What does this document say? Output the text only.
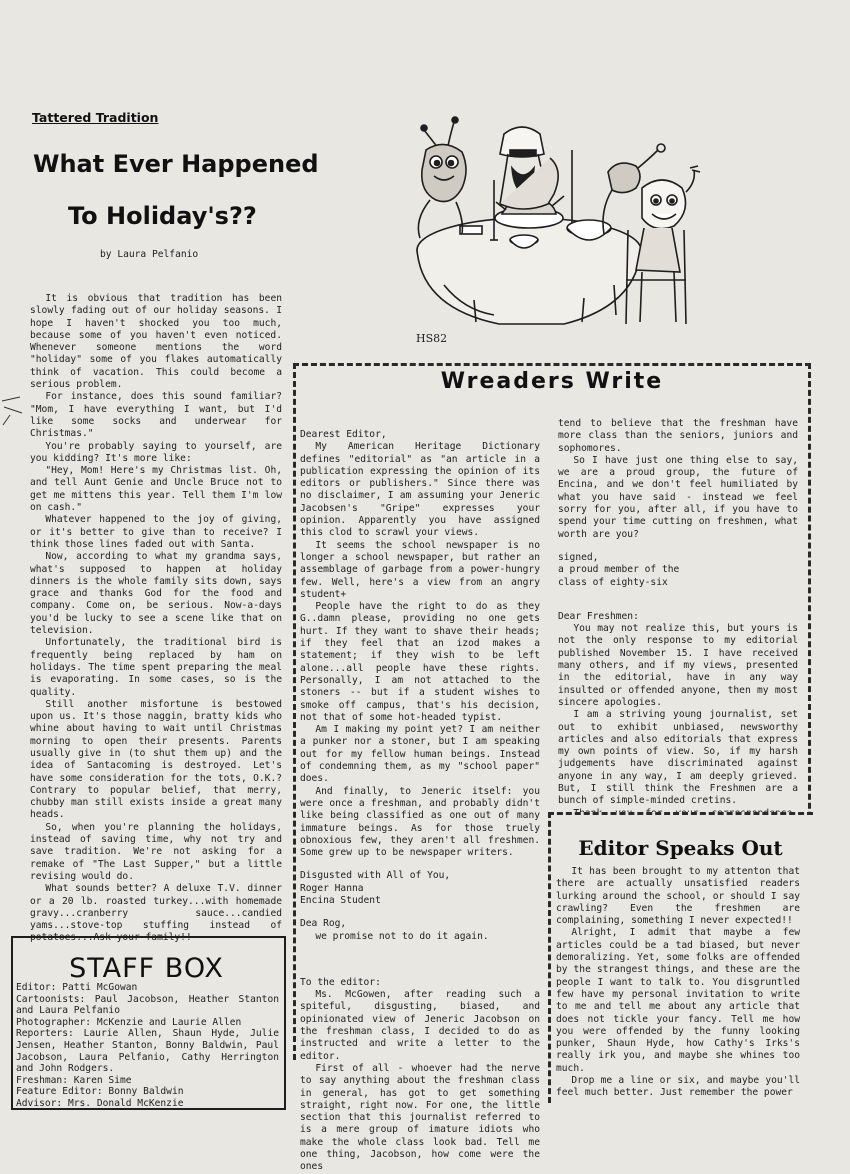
Tattered Tradition
What Ever Happened
To Holiday's??
by Laura Pelfanio

It is obvious that tradition has been slowly fading out of our holiday seasons. I hope I haven't shocked you too much, because some of you haven't even noticed. Whenever someone mentions the word "holiday" some of you flakes automatically think of vacation. This could become a serious problem.

For instance, does this sound familiar? "Mom, I have everything I want, but I'd like some socks and underwear for Christmas."

You're probably saying to yourself, are you kidding? It's more like:

"Hey, Mom! Here's my Christmas list. Oh, and tell Aunt Genie and Uncle Bruce not to get me mittens this year. Tell them I'm low on cash."

Whatever happened to the joy of giving, or it's better to give than to receive? I think those lines faded out with Santa.

Now, according to what my grandma says, what's supposed to happen at holiday dinners is the whole family sits down, says grace and thanks God for the food and company. Come on, be serious. Now-a-days you'd be lucky to see a scene like that on television.

Unfortunately, the traditional bird is frequently being replaced by ham on holidays. The time spent preparing the meal is evaporating. In some cases, so is the quality.

Still another misfortune is bestowed upon us. It's those naggin, bratty kids who whine about having to wait until Christmas morning to open their presents. Parents usually give in (to shut them up) and the idea of Santacoming is destroyed. Let's have some consideration for the tots, O.K.? Contrary to popular belief, that merry, chubby man still exists inside a great many heads.

So, when you're planning the holidays, instead of saving time, why not try and save tradition. We're not asking for a remake of "The Last Supper," but a little revising would do.

What sounds better? A deluxe T.V. dinner or a 20 lb. roasted turkey...with homemade gravy...cranberry sauce...candied yams...stove-top stuffing instead of potatoes...Ask your family!!

HS82
Wreaders Write

Dearest Editor,

My American Heritage Dictionary defines "editorial" as "an article in a publication expressing the opinion of its editors or publishers." Since there was no disclaimer, I am assuming your Jeneric Jacobsen's "Gripe" expresses your opinion. Apparently you have assigned this clod to scrawl your views.

It seems the school newspaper is no longer a school newspaper, but rather an assemblage of garbage from a power-hungry few. Well, here's a view from an angry student+

People have the right to do as they G..damn please, providing no one gets hurt. If they want to shave their heads; if they feel that an izod makes a statement; if they wish to be left alone...all people have these rights. Personally, I am not attached to the stoners -- but if a student wishes to smoke off campus, that's his decision, not that of some hot-headed typist.

Am I making my point yet? I am neither a punker nor a stoner, but I am speaking out for my fellow human beings. Instead of condemning them, as my "school paper" does.

And finally, to Jeneric itself: you were once a freshman, and probably didn't like being classified as one out of many immature beings. As for those truely obnoxious few, they aren't all freshmen. Some grew up to be newspaper writers.

Disgusted with All of You,

Roger Hanna

Encina Student

Dea Rog,

we promise not to do it again.

To the editor:

Ms. McGowen, after reading such a spiteful, disgusting, biased, and opinionated view of Jeneric Jacobson on the freshman class, I decided to do as instructed and write a letter to the editor.

First of all - whoever had the nerve to say anything about the freshman class in general, has got to get something straight, right now. For one, the little section that this journalist referred to is a mere group of imature idiots who make the whole class look bad. Tell me one thing, Jacobson, how come were the ones

tend to believe that the freshman have more class than the seniors, juniors and sophomores.

So I have just one thing else to say, we are a proud group, the future of Encina, and we don't feel humiliated by what you have said - instead we feel sorry for you, after all, if you have to spend your time cutting on freshmen, what worth are you?

signed,

a proud member of the

class of eighty-six

Dear Freshmen:

You may not realize this, but yours is not the only response to my editorial published November 15. I have received many others, and if my views, presented in the editorial, have in any way insulted or offended anyone, then my most sincere apologies.

I am a striving young journalist, set out to exhibit unbiased, newsworthy articles and also editorials that express my own points of view. So, if my harsh judgements have discriminated against anyone in any way, I am deeply grieved. But, I still think the Freshmen are a bunch of simple-minded cretins.

Editor Speaks Out

It has been brought to my attenton that there are actually unsatisfied readers lurking around the school, or should I say crawling? Even the freshmen are complaining, something I never expected!!

Alright, I admit that maybe a few articles could be a tad biased, but never demoralizing. Yet, some folks are offended by the strangest things, and these are the people I want to talk to. You disgruntled few have my personal invitation to write to me and tell me about any article that does not tickle your fancy. Tell me how you were offended by the funny looking punker, Shaun Hyde, how Cathy's Irks's really irk you, and maybe she whines too much.

Drop me a line or six, and maybe you'll feel much better. Just remember the power

STAFF BOX

Editor: Patti McGowan

Cartoonists: Paul Jacobson, Heather Stanton and Laura Pelfanio

Photographer: McKenzie and Laurie Allen

Reporters: Laurie Allen, Shaun Hyde, Julie Jensen, Heather Stanton, Bonny Baldwin, Paul Jacobson, Laura Pelfanio, Cathy Herrington and John Rodgers.

Freshman: Karen Sime

Feature Editor: Bonny Baldwin

Advisor: Mrs. Donald McKenzie
